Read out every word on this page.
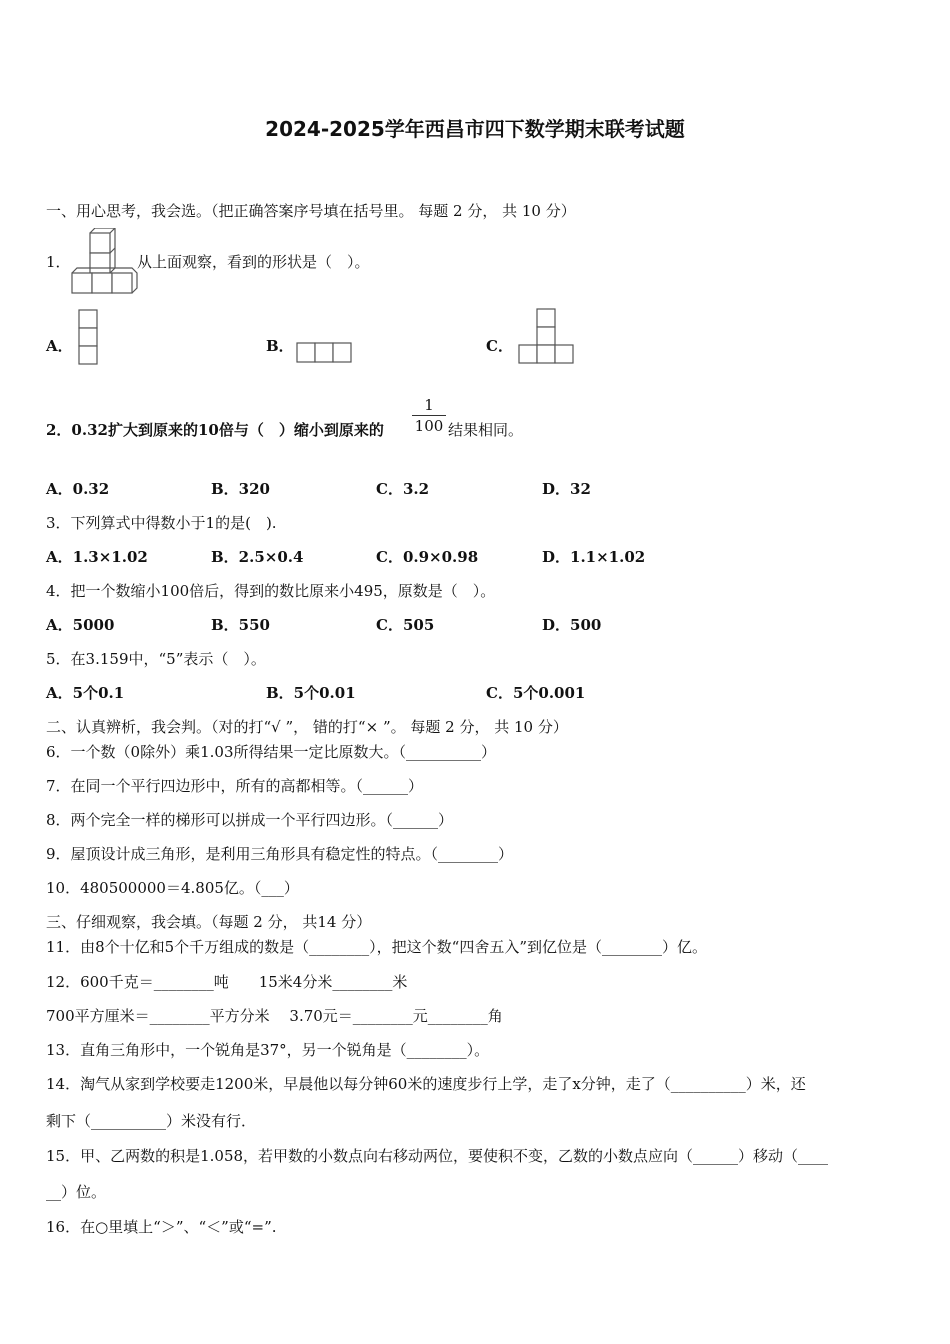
2024-2025学年西昌市四下数学期末联考试题
一、用心思考，我会选。（把正确答案序号填在括号里。 每题 2 分， 共 10 分）
1．	从上面观察，看到的形状是（　）。
A．	B．	C．
2．0.32扩大到原来的10倍与（　）缩小到原来的
1
100 结果相同。
A．0.32	B．320	C．3.2	D．32
3．下列算式中得数小于1的是(　).
A．1.3×1.02	B．2.5×0.4	C．0.9×0.98	D．1.1×1.02
4．把一个数缩小100倍后，得到的数比原来小495，原数是（　）。
A．5000	B．550	C．505	D．500
5．在3.159中，“5”表示（　）。
A．5个0.1	B．5个0.01	C．5个0.001
二、认真辨析，我会判。（对的打“√ ”， 错的打“× ”。 每题 2 分， 共 10 分）
6．一个数（0除外）乘1.03所得结果一定比原数大。（__________）
7．在同一个平行四边形中，所有的高都相等。（______）
8．两个完全一样的梯形可以拼成一个平行四边形。（______）
9．屋顶设计成三角形，是利用三角形具有稳定性的特点。（________）
10．480500000＝4.805亿。（___）
三、仔细观察，我会填。（每题 2 分， 共14 分）
11．由8个十亿和5个千万组成的数是（________），把这个数“四舍五入”到亿位是（________）亿。
12．600千克＝________吨　　15米4分米________米
700平方厘米＝________平方分米　 3.70元＝________元________角
13．直角三角形中，一个锐角是37°，另一个锐角是（________）。
14．淘气从家到学校要走1200米，早晨他以每分钟60米的速度步行上学，走了x分钟，走了（__________）米，还
剩下（__________）米没有行．
15．甲、乙两数的积是1.058，若甲数的小数点向右移动两位，要使积不变，乙数的小数点应向（______）移动（____
__）位。
16．在○里填上“＞”、“＜”或“=”.
